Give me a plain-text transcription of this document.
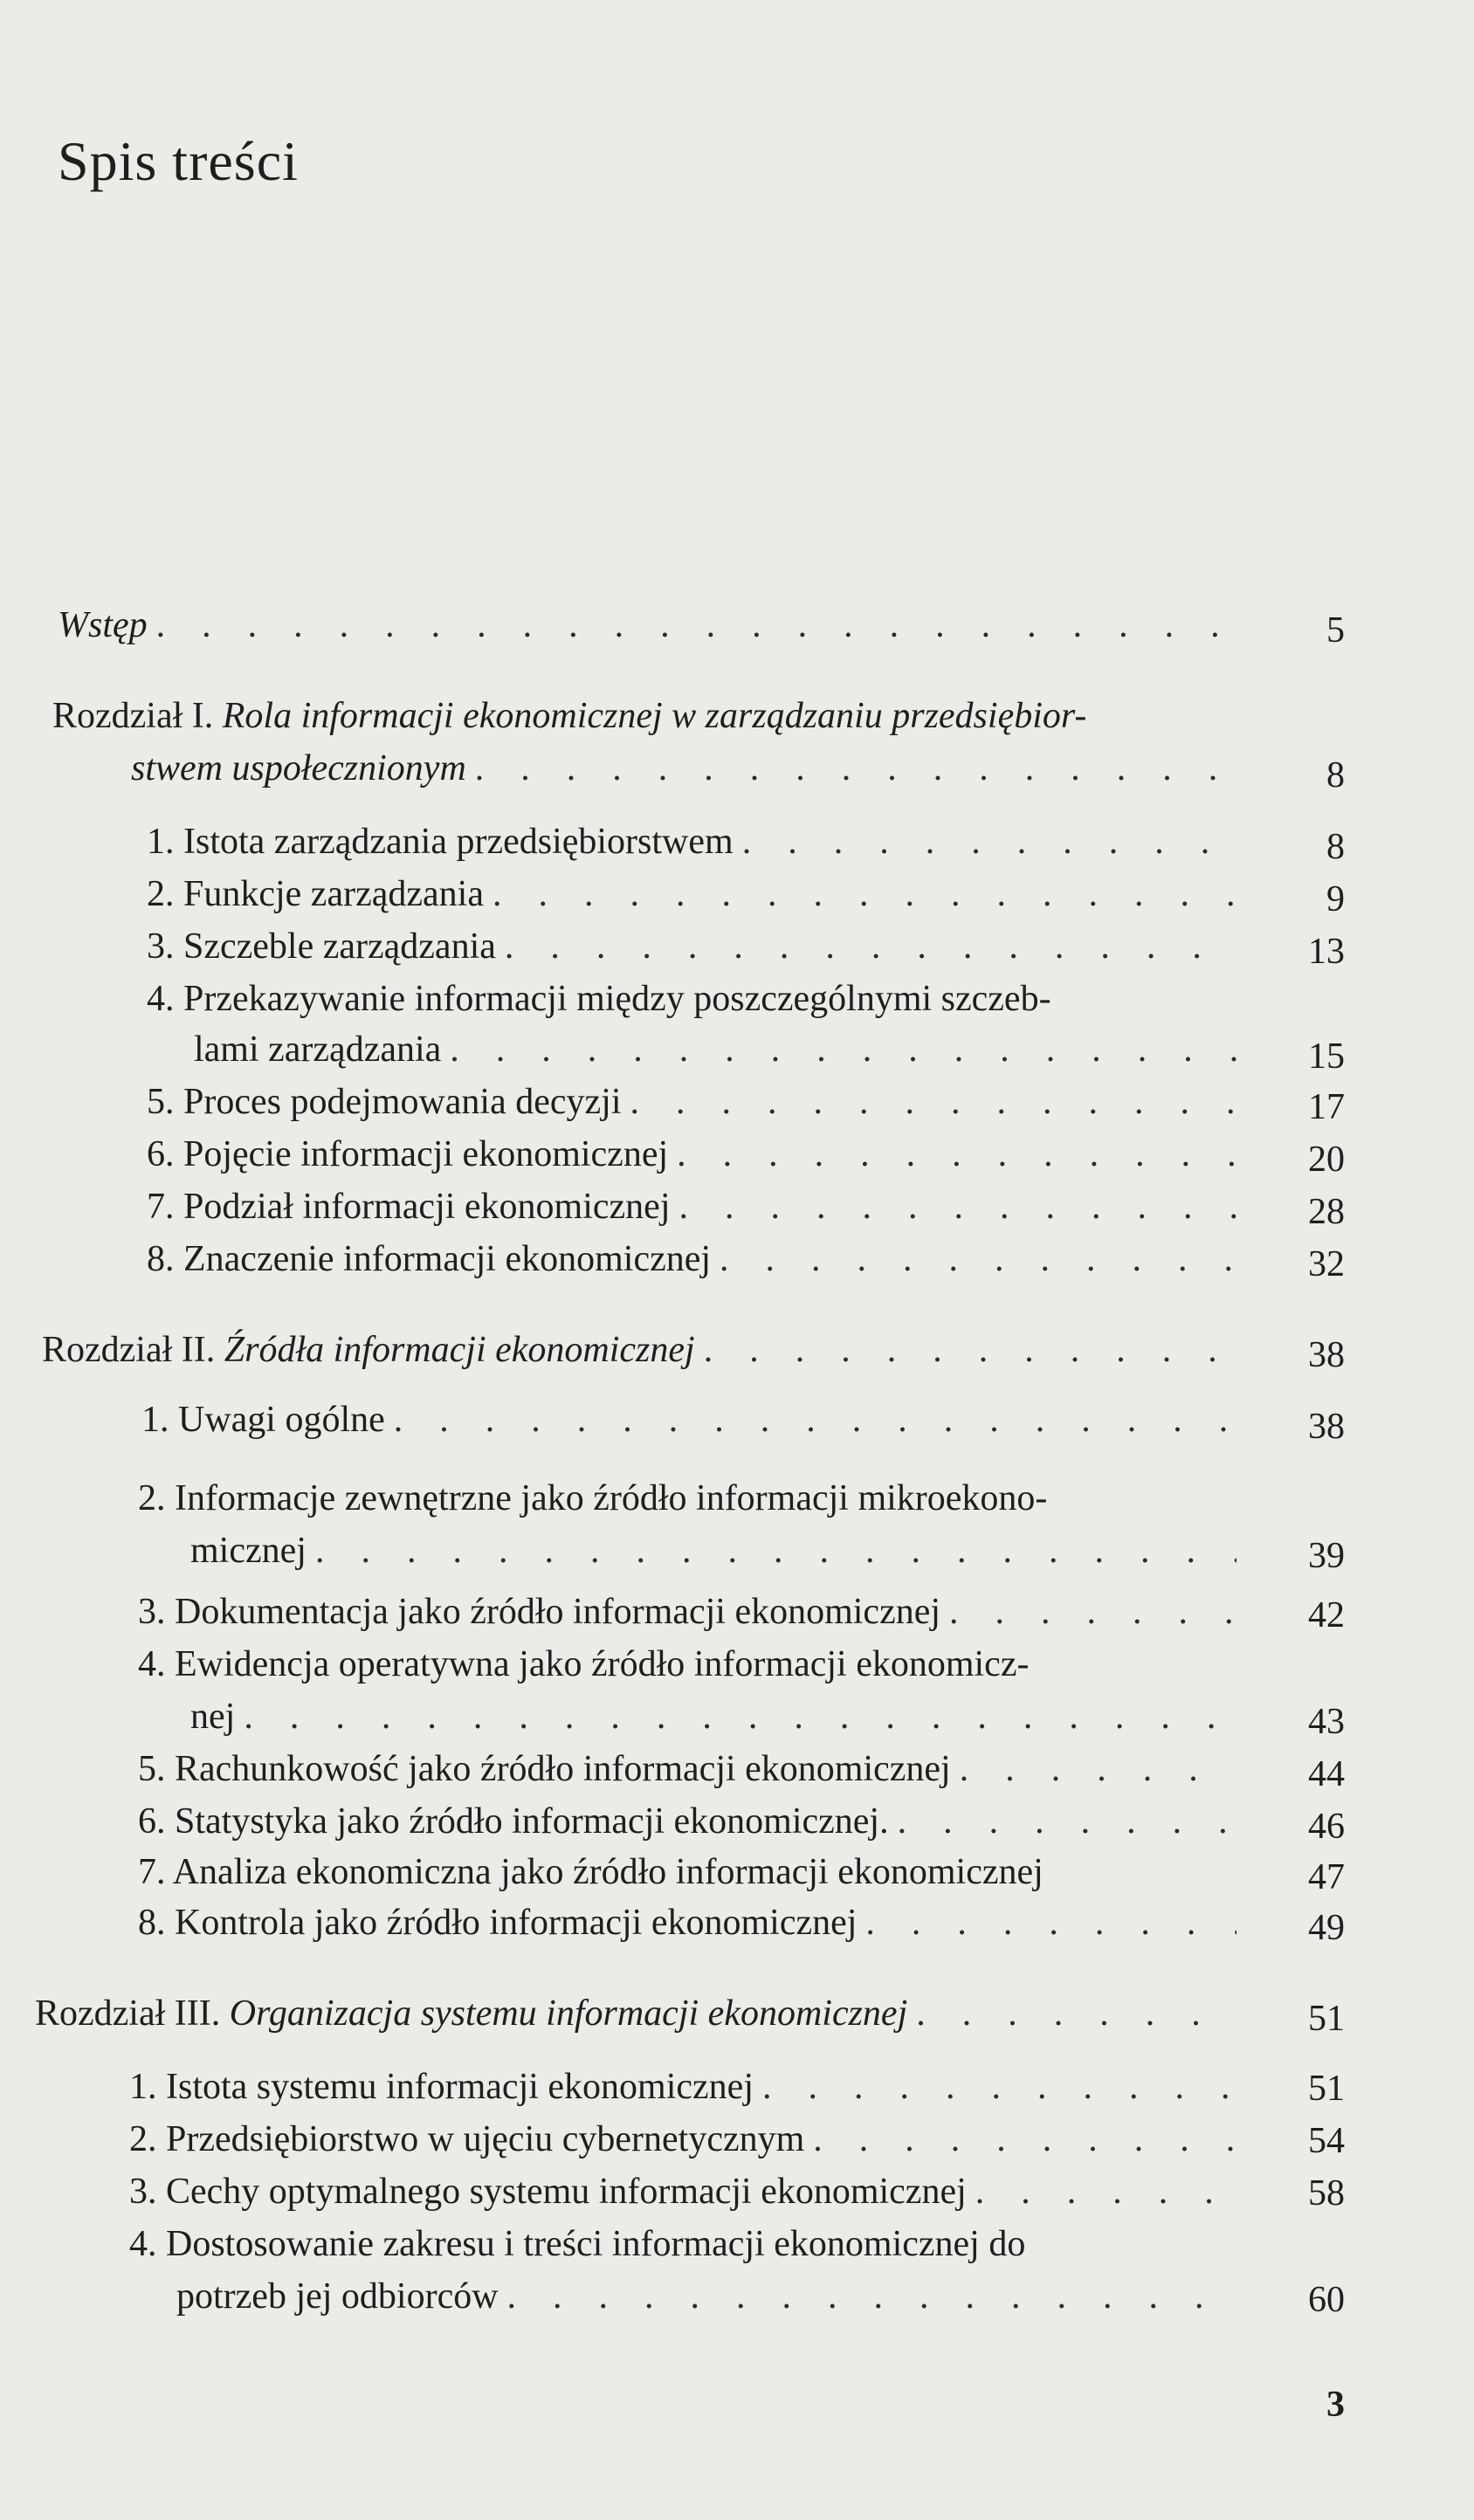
Spis treści
Wstęp . . .	5
Rozdział I. Rola informacji ekonomicznej w zarządzaniu przedsiębior-
stwem uspołecznionym . . .	8
1. Istota zarządzania przedsiębiorstwem . . .	8
2. Funkcje zarządzania . . .	9
3. Szczeble zarządzania . . .	13
4. Przekazywanie informacji między poszczególnymi szczeb-
lami zarządzania . . .	15
5. Proces podejmowania decyzji . . .	17
6. Pojęcie informacji ekonomicznej . . .	20
7. Podział informacji ekonomicznej . . .	28
8. Znaczenie informacji ekonomicznej . . .	32
Rozdział II. Źródła informacji ekonomicznej . . .	38
1. Uwagi ogólne . . .	38
2. Informacje zewnętrzne jako źródło informacji mikroekono-
micznej . . .	39
3. Dokumentacja jako źródło informacji ekonomicznej . . .	42
4. Ewidencja operatywna jako źródło informacji ekonomicz-
nej . . .	43
5. Rachunkowość jako źródło informacji ekonomicznej . . .	44
6. Statystyka jako źródło informacji ekonomicznej. . . .	46
7. Analiza ekonomiczna jako źródło informacji ekonomicznej	47
8. Kontrola jako źródło informacji ekonomicznej . . .	49
Rozdział III. Organizacja systemu informacji ekonomicznej . . .	51
1. Istota systemu informacji ekonomicznej . . .	51
2. Przedsiębiorstwo w ujęciu cybernetycznym . . .	54
3. Cechy optymalnego systemu informacji ekonomicznej . . .	58
4. Dostosowanie zakresu i treści informacji ekonomicznej do
potrzeb jej odbiorców . . .	60
3
